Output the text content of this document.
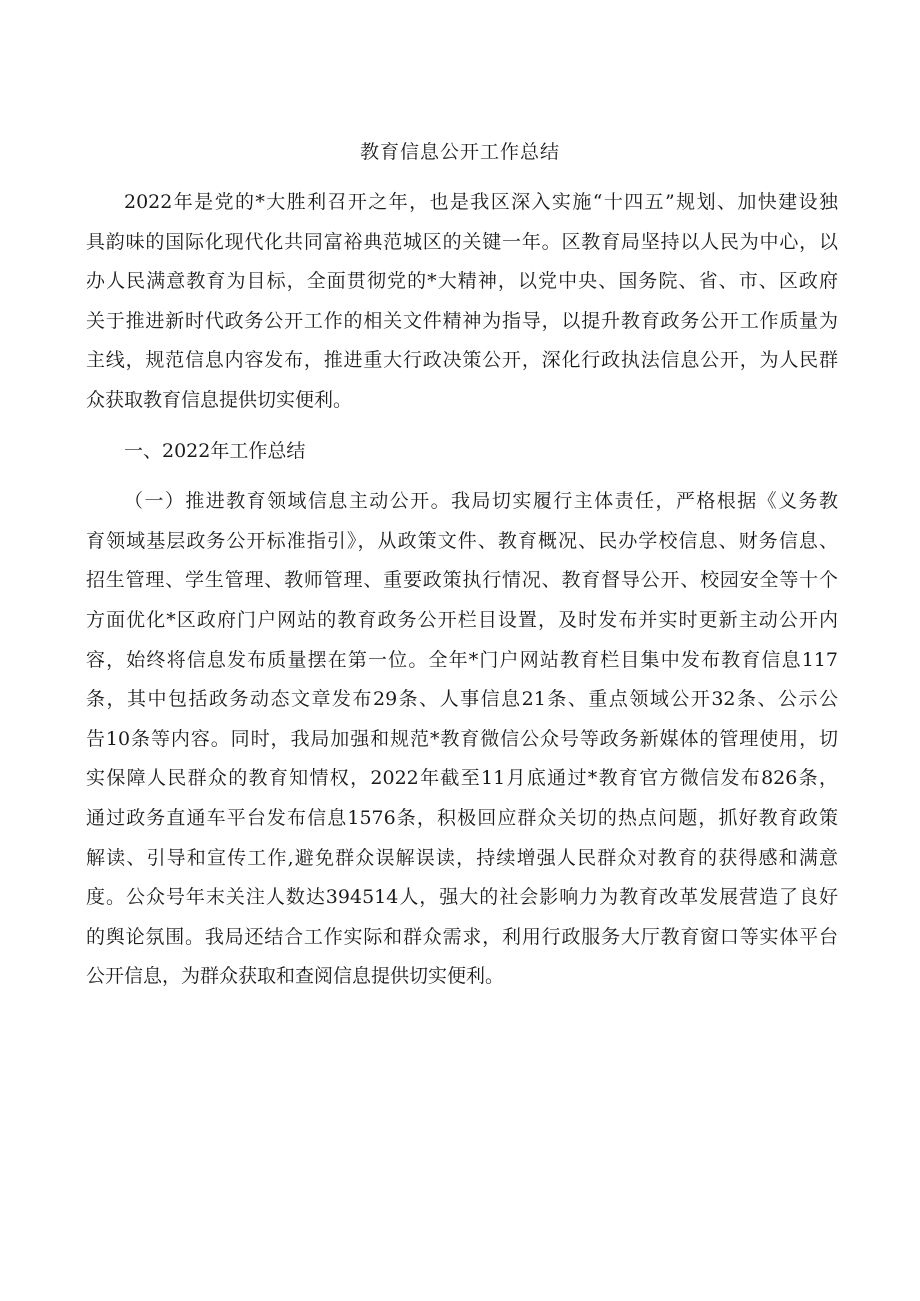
教育信息公开工作总结
2022年是党的*大胜利召开之年，也是我区深入实施“十四五”规划、加快建设独
具韵味的国际化现代化共同富裕典范城区的关键一年。区教育局坚持以人民为中心，以
办人民满意教育为目标，全面贯彻党的*大精神，以党中央、国务院、省、市、区政府
关于推进新时代政务公开工作的相关文件精神为指导，以提升教育政务公开工作质量为
主线，规范信息内容发布，推进重大行政决策公开，深化行政执法信息公开，为人民群
众获取教育信息提供切实便利。
一、2022年工作总结
（一）推进教育领域信息主动公开。我局切实履行主体责任，严格根据《义务教
育领域基层政务公开标准指引》，从政策文件、教育概况、民办学校信息、财务信息、
招生管理、学生管理、教师管理、重要政策执行情况、教育督导公开、校园安全等十个
方面优化*区政府门户网站的教育政务公开栏目设置，及时发布并实时更新主动公开内
容，始终将信息发布质量摆在第一位。全年*门户网站教育栏目集中发布教育信息117
条，其中包括政务动态文章发布29条、人事信息21条、重点领域公开32条、公示公
告10条等内容。同时，我局加强和规范*教育微信公众号等政务新媒体的管理使用，切
实保障人民群众的教育知情权，2022年截至11月底通过*教育官方微信发布826条，
通过政务直通车平台发布信息1576条，积极回应群众关切的热点问题，抓好教育政策
解读、引导和宣传工作,避免群众误解误读，持续增强人民群众对教育的获得感和满意
度。公众号年末关注人数达394514人，强大的社会影响力为教育改革发展营造了良好
的舆论氛围。我局还结合工作实际和群众需求，利用行政服务大厅教育窗口等实体平台
公开信息，为群众获取和查阅信息提供切实便利。
